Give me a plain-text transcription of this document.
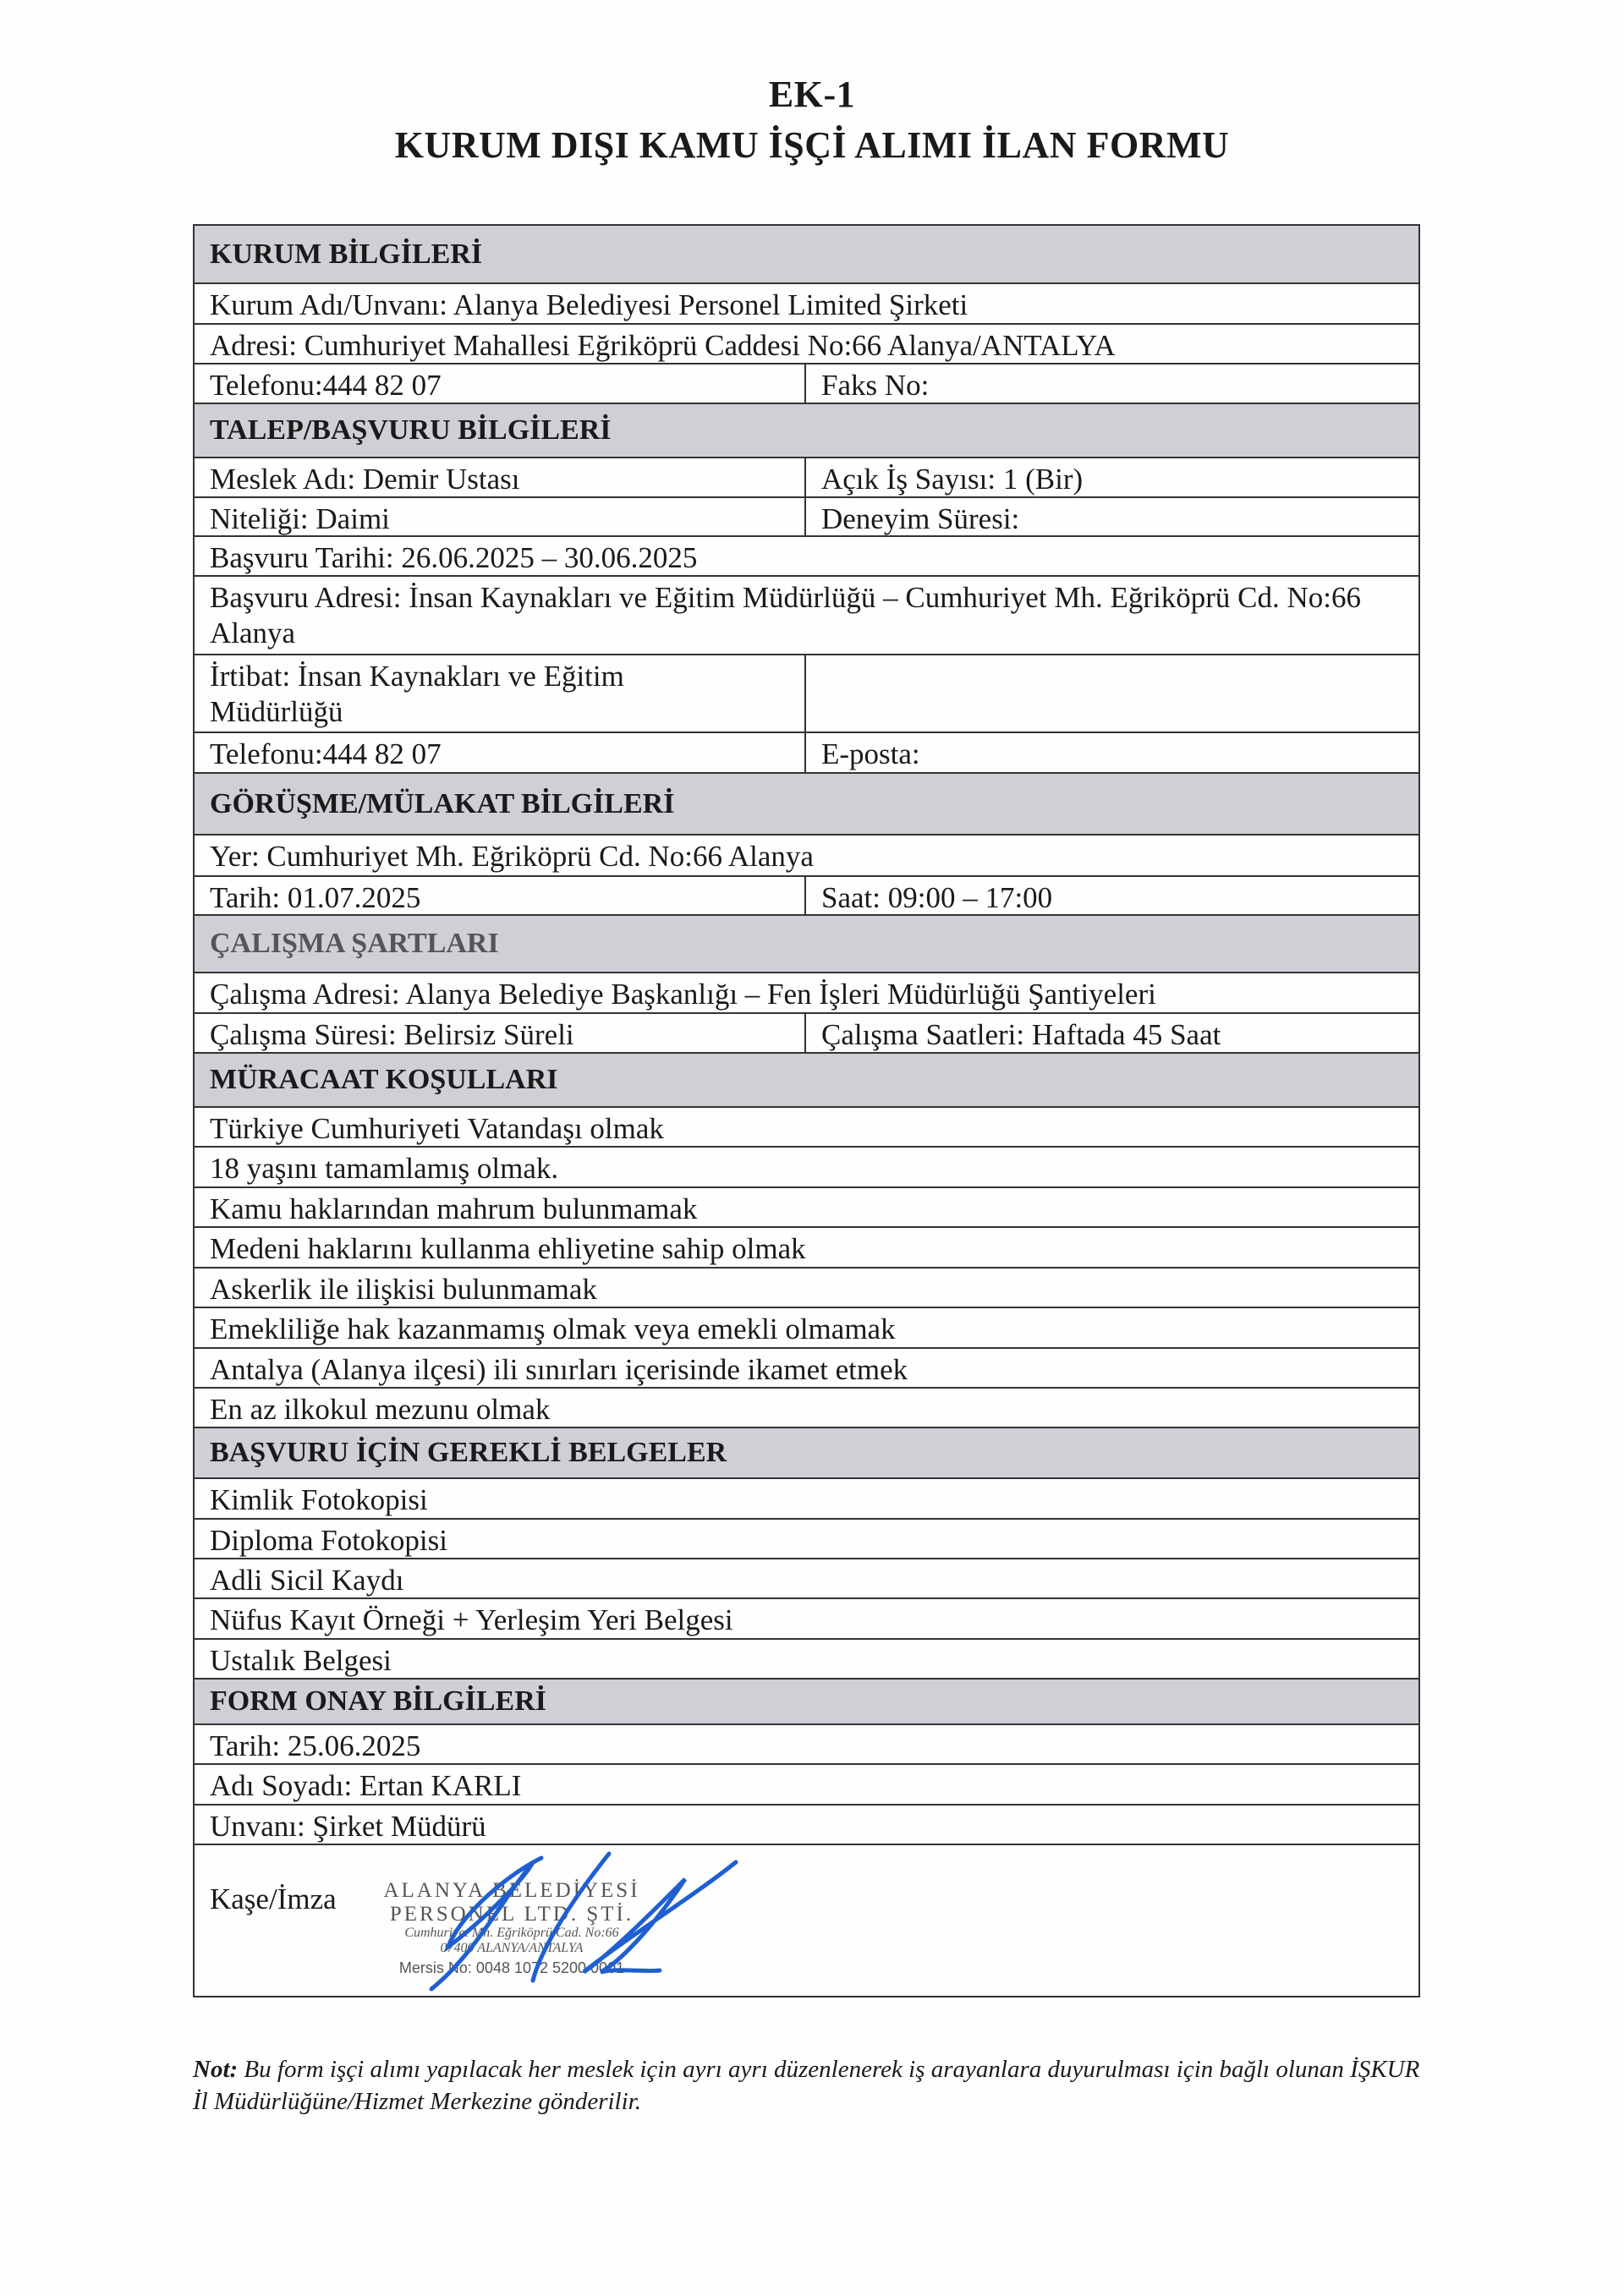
EK-1
KURUM DIŞI KAMU İŞÇİ ALIMI İLAN FORMU
KURUM BİLGİLERİ
Kurum Adı/Unvanı: Alanya Belediyesi Personel Limited Şirketi
Adresi: Cumhuriyet Mahallesi Eğriköprü Caddesi No:66 Alanya/ANTALYA
Telefonu:444 82 07	Faks No:
TALEP/BAŞVURU BİLGİLERİ
Meslek Adı: Demir Ustası	Açık İş Sayısı: 1 (Bir)
Niteliği: Daimi	Deneyim Süresi:
Başvuru Tarihi: 26.06.2025 – 30.06.2025
Başvuru Adresi: İnsan Kaynakları ve Eğitim Müdürlüğü – Cumhuriyet Mh. Eğriköprü Cd. No:66 Alanya
İrtibat: İnsan Kaynakları ve Eğitim Müdürlüğü
Telefonu:444 82 07	E-posta:
GÖRÜŞME/MÜLAKAT BİLGİLERİ
Yer: Cumhuriyet Mh. Eğriköprü Cd. No:66 Alanya
Tarih: 01.07.2025	Saat: 09:00 – 17:00
ÇALIŞMA ŞARTLARI
Çalışma Adresi: Alanya Belediye Başkanlığı – Fen İşleri Müdürlüğü Şantiyeleri
Çalışma Süresi: Belirsiz Süreli	Çalışma Saatleri: Haftada 45 Saat
MÜRACAAT KOŞULLARI
Türkiye Cumhuriyeti Vatandaşı olmak
18 yaşını tamamlamış olmak.
Kamu haklarından mahrum bulunmamak
Medeni haklarını kullanma ehliyetine sahip olmak
Askerlik ile ilişkisi bulunmamak
Emekliliğe hak kazanmamış olmak veya emekli olmamak
Antalya (Alanya ilçesi) ili sınırları içerisinde ikamet etmek
En az ilkokul mezunu olmak
BAŞVURU İÇİN GEREKLİ BELGELER
Kimlik Fotokopisi
Diploma Fotokopisi
Adli Sicil Kaydı
Nüfus Kayıt Örneği + Yerleşim Yeri Belgesi
Ustalık Belgesi
FORM ONAY BİLGİLERİ
Tarih: 25.06.2025
Adı Soyadı: Ertan KARLI
Unvanı: Şirket Müdürü
Kaşe/İmza	ALANYA BELEDİYESİ
PERSONEL LTD. ŞTİ.
Cumhuriyet Mh. Eğriköprü Cad. No:66
07400 ALANYA/ANTALYA
Mersis No: 0048 1072 5200 0001
Not: Bu form işçi alımı yapılacak her meslek için ayrı ayrı düzenlenerek iş arayanlara duyurulması için bağlı olunan İŞKUR İl Müdürlüğüne/Hizmet Merkezine gönderilir.
